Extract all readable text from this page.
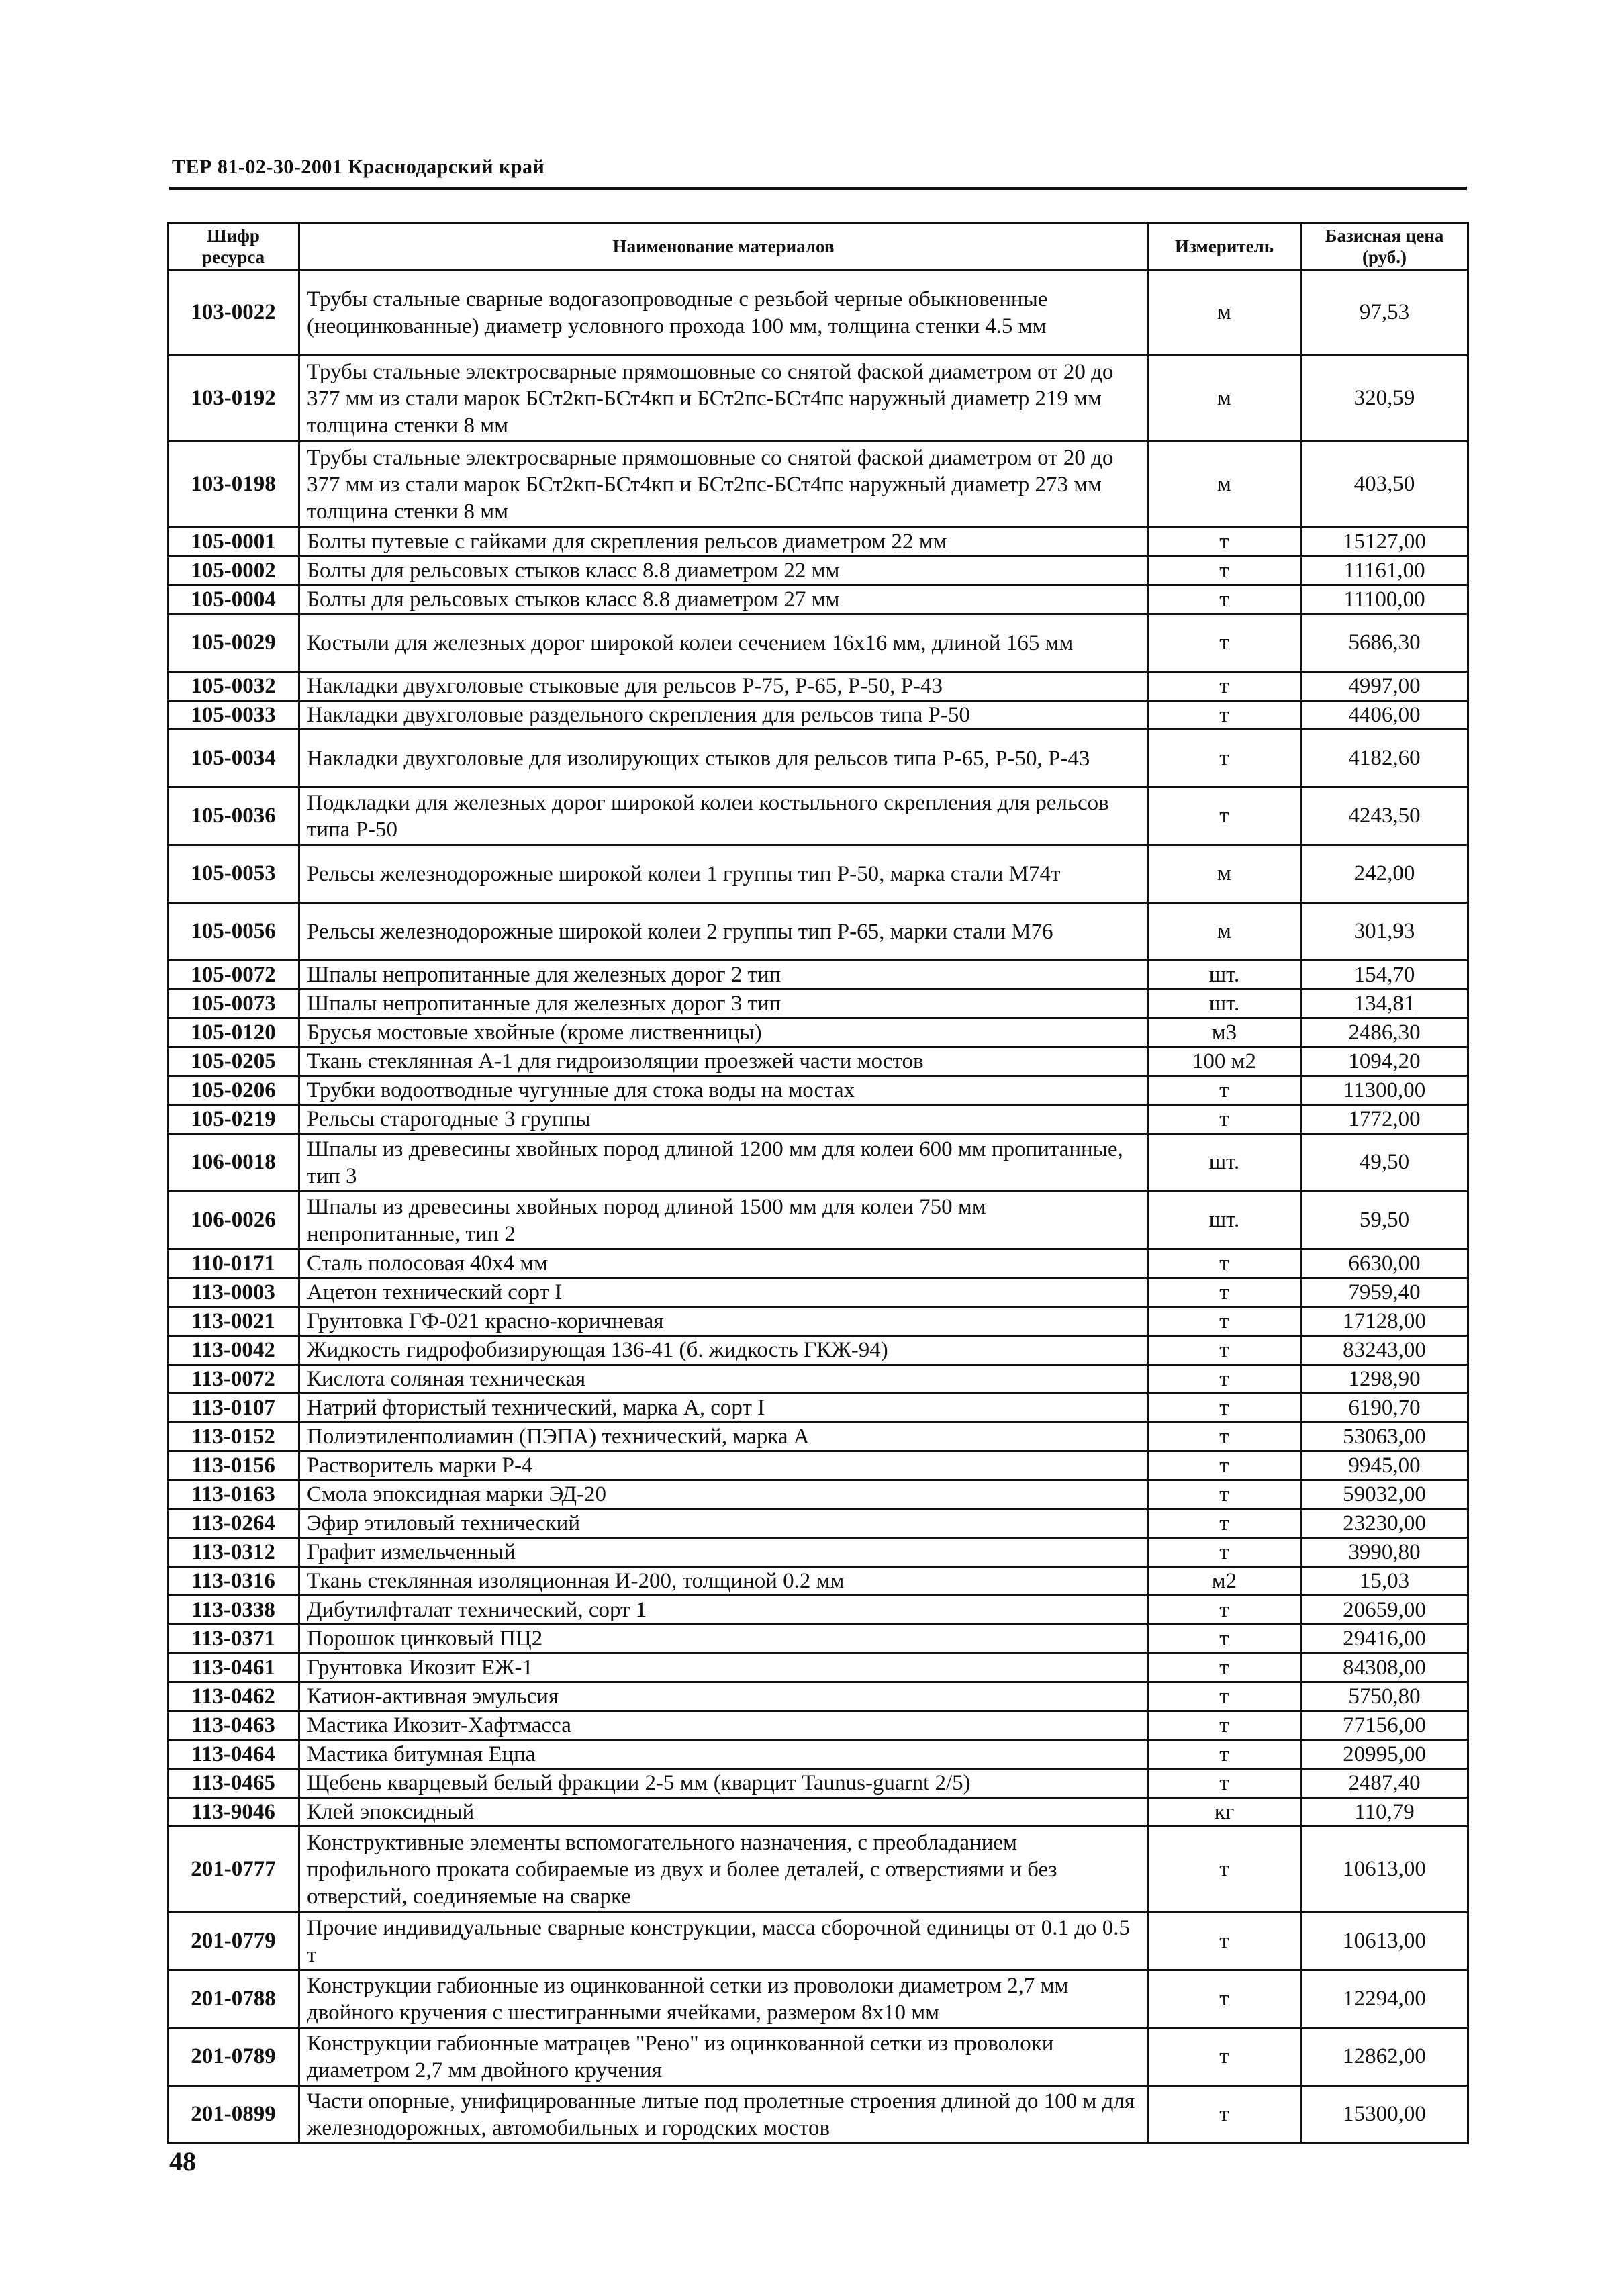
ТЕР 81-02-30-2001 Краснодарский край
Шифр ресурса	Наименование материалов	Измеритель	Базисная цена (руб.)
103-0022	Трубы стальные сварные водогазопроводные с резьбой черные обыкновенные (неоцинкованные) диаметр условного прохода 100 мм, толщина стенки 4.5 мм	м	97,53
103-0192	Трубы стальные электросварные прямошовные со снятой фаской диаметром от 20 до 377 мм из стали марок БСт2кп-БСт4кп и БСт2пс-БСт4пс наружный диаметр 219 мм толщина стенки 8 мм	м	320,59
103-0198	Трубы стальные электросварные прямошовные со снятой фаской диаметром от 20 до 377 мм из стали марок БСт2кп-БСт4кп и БСт2пс-БСт4пс наружный диаметр 273 мм толщина стенки 8 мм	м	403,50
105-0001	Болты путевые с гайками для скрепления рельсов диаметром 22 мм	т	15127,00
105-0002	Болты для рельсовых стыков класс 8.8 диаметром 22 мм	т	11161,00
105-0004	Болты для рельсовых стыков класс 8.8 диаметром 27 мм	т	11100,00
105-0029	Костыли для железных дорог широкой колеи сечением 16х16 мм, длиной 165 мм	т	5686,30
105-0032	Накладки двухголовые стыковые для рельсов Р-75, Р-65, Р-50, Р-43	т	4997,00
105-0033	Накладки двухголовые раздельного скрепления для рельсов типа Р-50	т	4406,00
105-0034	Накладки двухголовые для изолирующих стыков для рельсов типа Р-65, Р-50, Р-43	т	4182,60
105-0036	Подкладки для железных дорог широкой колеи костыльного скрепления для рельсов типа Р-50	т	4243,50
105-0053	Рельсы железнодорожные широкой колеи 1 группы тип Р-50, марка стали М74т	м	242,00
105-0056	Рельсы железнодорожные широкой колеи 2 группы тип Р-65, марки стали М76	м	301,93
105-0072	Шпалы непропитанные для железных дорог 2 тип	шт.	154,70
105-0073	Шпалы непропитанные для железных дорог 3 тип	шт.	134,81
105-0120	Брусья мостовые хвойные (кроме лиственницы)	м3	2486,30
105-0205	Ткань стеклянная А-1 для гидроизоляции проезжей части мостов	100 м2	1094,20
105-0206	Трубки водоотводные чугунные для стока воды на мостах	т	11300,00
105-0219	Рельсы старогодные 3 группы	т	1772,00
106-0018	Шпалы из древесины хвойных пород длиной 1200 мм для колеи 600 мм пропитанные, тип 3	шт.	49,50
106-0026	Шпалы из древесины хвойных пород длиной 1500 мм для колеи 750 мм непропитанные, тип 2	шт.	59,50
110-0171	Сталь полосовая 40х4 мм	т	6630,00
113-0003	Ацетон технический сорт I	т	7959,40
113-0021	Грунтовка ГФ-021 красно-коричневая	т	17128,00
113-0042	Жидкость гидрофобизирующая 136-41 (б. жидкость ГКЖ-94)	т	83243,00
113-0072	Кислота соляная техническая	т	1298,90
113-0107	Натрий фтористый технический, марка А, сорт I	т	6190,70
113-0152	Полиэтиленполиамин (ПЭПА) технический, марка А	т	53063,00
113-0156	Растворитель марки Р-4	т	9945,00
113-0163	Смола эпоксидная марки ЭД-20	т	59032,00
113-0264	Эфир этиловый технический	т	23230,00
113-0312	Графит измельченный	т	3990,80
113-0316	Ткань стеклянная изоляционная И-200, толщиной 0.2 мм	м2	15,03
113-0338	Дибутилфталат технический, сорт 1	т	20659,00
113-0371	Порошок цинковый ПЦ2	т	29416,00
113-0461	Грунтовка Икозит ЕЖ-1	т	84308,00
113-0462	Катион-активная эмульсия	т	5750,80
113-0463	Мастика Икозит-Хафтмасса	т	77156,00
113-0464	Мастика битумная Ецпа	т	20995,00
113-0465	Щебень кварцевый белый фракции 2-5 мм (кварцит Taunus-guarnt 2/5)	т	2487,40
113-9046	Клей эпоксидный	кг	110,79
201-0777	Конструктивные элементы вспомогательного назначения, с преобладанием профильного проката собираемые из двух и более деталей, с отверстиями и без отверстий, соединяемые на сварке	т	10613,00
201-0779	Прочие индивидуальные сварные конструкции, масса сборочной единицы от 0.1 до 0.5 т	т	10613,00
201-0788	Конструкции габионные из оцинкованной сетки из проволоки диаметром 2,7 мм двойного кручения с шестигранными ячейками, размером 8х10 мм	т	12294,00
201-0789	Конструкции габионные матрацев "Рено" из оцинкованной сетки из проволоки диаметром 2,7 мм двойного кручения	т	12862,00
201-0899	Части опорные, унифицированные литые под пролетные строения длиной до 100 м для железнодорожных, автомобильных и городских мостов	т	15300,00
48
